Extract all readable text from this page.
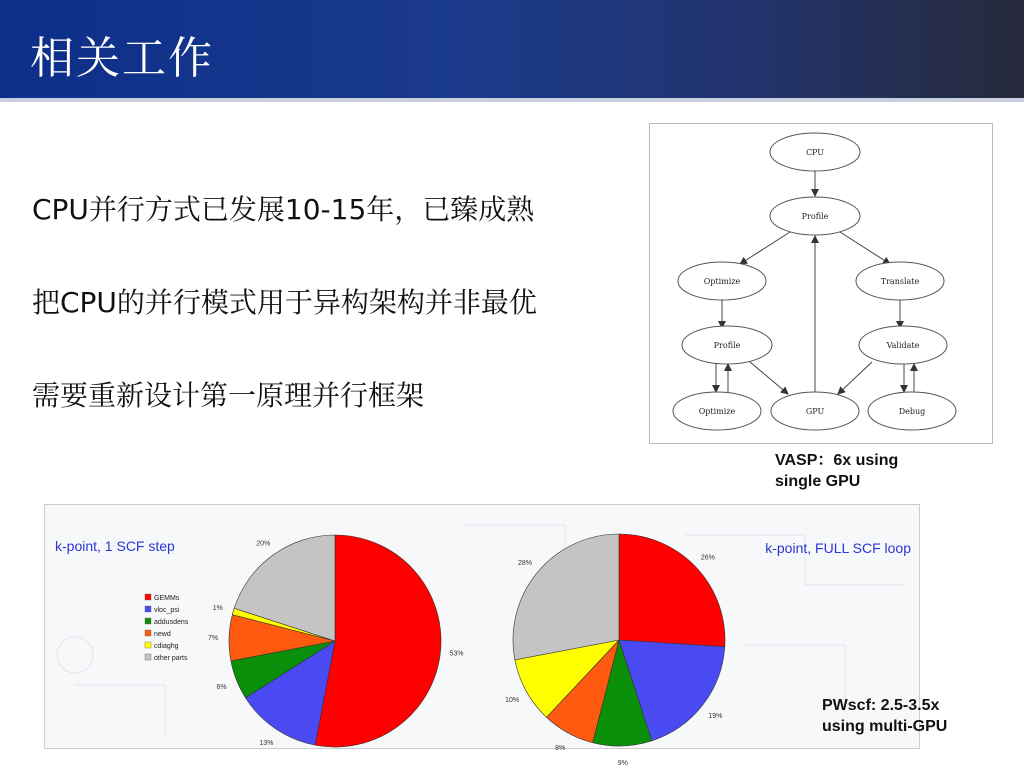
相关工作
CPU并行方式已发展10-15年，已臻成熟
把CPU的并行模式用于异构架构并非最优
需要重新设计第一原理并行框架
CPU
Profile
Optimize	Translate
Profile	Validate
Optimize	GPU	Debug
VASP：6x using
single GPU
k-point, 1 SCF step	k-point, FULL SCF loop
GEMMs
vloc_psi
addusdens
newd
cdiaghg
other parts
53%
13%
6%
7%
1%
20%
26%
19%
9%
8%
10%
28%
PWscf: 2.5-3.5x
using multi-GPU
